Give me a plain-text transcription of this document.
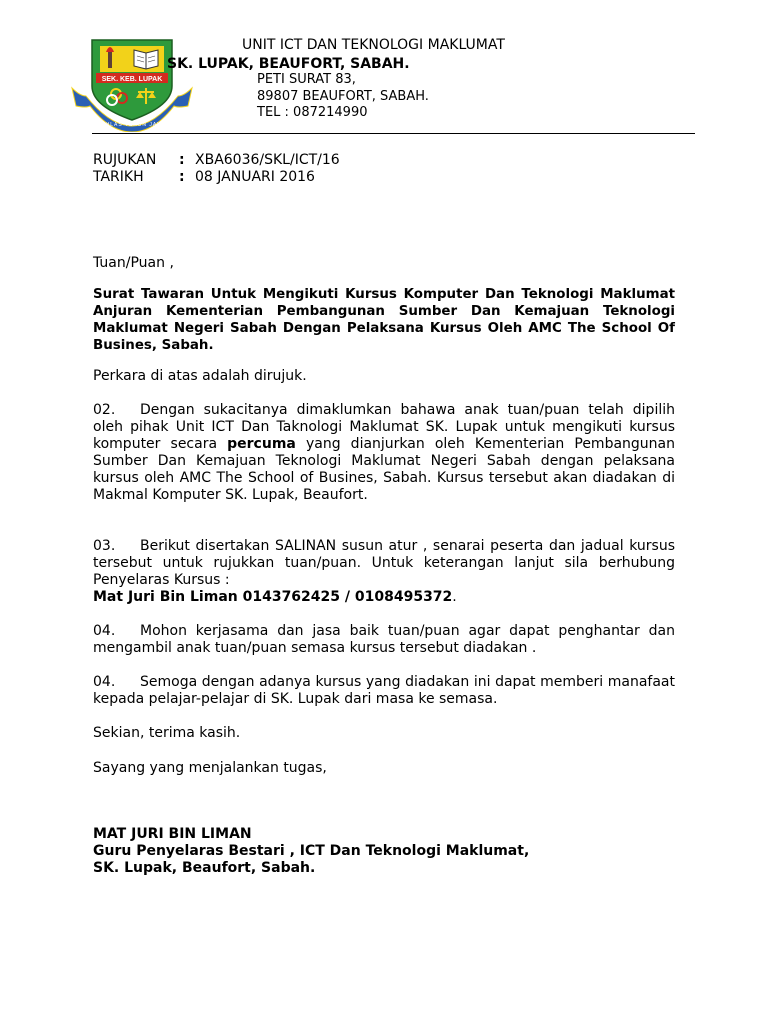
SEK. KEB. LUPAK
IKHLAS TEKUN JAYA
UNIT ICT DAN TEKNOLOGI MAKLUMAT
SK. LUPAK, BEAUFORT, SABAH.
PETI SURAT 83,
89807 BEAUFORT, SABAH.
TEL : 087214990
RUJUKAN : XBA6036/SKL/ICT/16
TARIKH	: 08 JANUARI 2016
Tuan/Puan ,
Surat Tawaran Untuk Mengikuti Kursus Komputer Dan Teknologi Maklumat Anjuran Kementerian Pembangunan Sumber Dan Kemajuan Teknologi Maklumat Negeri Sabah Dengan Pelaksana Kursus Oleh AMC The School Of Busines, Sabah.
Perkara di atas adalah dirujuk.
02. Dengan sukacitanya dimaklumkan bahawa anak tuan/puan telah dipilih oleh pihak Unit ICT Dan Taknologi Maklumat SK. Lupak untuk mengikuti kursus komputer secara percuma yang dianjurkan oleh Kementerian Pembangunan Sumber Dan Kemajuan Teknologi Maklumat Negeri Sabah dengan pelaksana kursus oleh AMC The School of Busines, Sabah. Kursus tersebut akan diadakan di Makmal Komputer SK. Lupak, Beaufort.
03. Berikut disertakan SALINAN susun atur , senarai peserta dan jadual kursus tersebut untuk rujukkan tuan/puan. Untuk keterangan lanjut sila berhubung Penyelaras Kursus :
Mat Juri Bin Liman 0143762425 / 0108495372.
04. Mohon kerjasama dan jasa baik tuan/puan agar dapat penghantar dan mengambil anak tuan/puan semasa kursus tersebut diadakan .
04. Semoga dengan adanya kursus yang diadakan ini dapat memberi manafaat kepada pelajar-pelajar di SK. Lupak dari masa ke semasa.
Sekian, terima kasih.
Sayang yang menjalankan tugas,
MAT JURI BIN LIMAN
Guru Penyelaras Bestari , ICT Dan Teknologi Maklumat,
SK. Lupak, Beaufort, Sabah.
